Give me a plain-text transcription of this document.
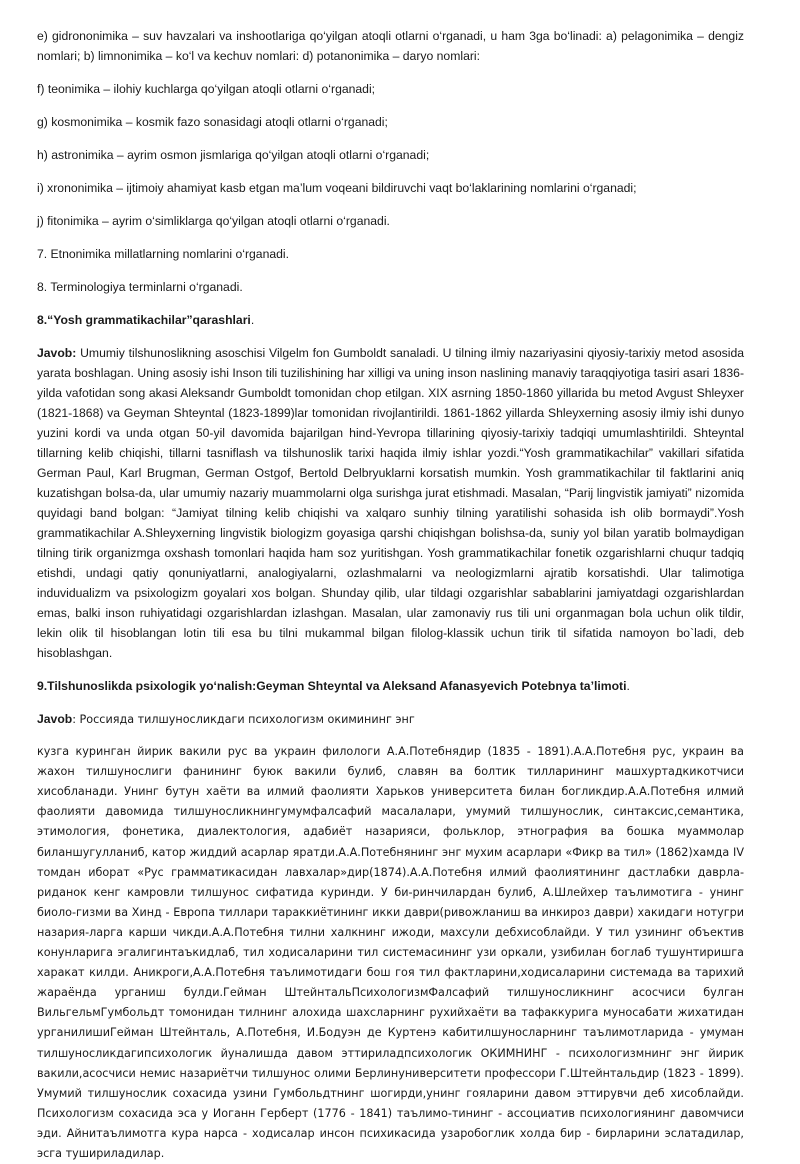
e) gidrononimika – suv havzalari va inshootlariga qo‘yilgan atoqli otlarni o‘rganadi, u ham 3ga bo‘linadi: a) pelagonimika – dengiz nomlari; b) limnonimika – ko‘l va kechuv nomlari: d) potanonimika – daryo nomlari:

f) teonimika – ilohiy kuchlarga qo‘yilgan atoqli otlarni o‘rganadi;

g) kosmonimika – kosmik fazo sonasidagi atoqli otlarni o‘rganadi;

h) astronimika – ayrim osmon jismlariga qo‘yilgan atoqli otlarni o‘rganadi;

i) xrononimika – ijtimoiy ahamiyat kasb etgan ma’lum voqeani bildiruvchi vaqt bo‘laklarining nomlarini o‘rganadi;

j) fitonimika – ayrim o‘simliklarga qo‘yilgan atoqli otlarni o‘rganadi.

7. Etnonimika millatlarning nomlarini o‘rganadi.

8. Terminologiya terminlarni o‘rganadi.

8.“Yosh grammatikachilar”qarashlari.

Javob: Umumiy tilshunoslikning asoschisi Vilgelm fon Gumboldt sanaladi. U tilning ilmiy nazariyasini qiyosiy-tarixiy metod asosida yarata boshlagan. Uning asosiy ishi Inson tili tuzilishining har xilligi va uning inson naslining manaviy taraqqiyotiga tasiri asari 1836-yilda vafotidan song akasi Aleksandr Gumboldt tomonidan chop etilgan. XIX asrning 1850-1860 yillarida bu metod Avgust Shleyxer (1821-1868) va Geyman Shteyntal (1823-1899)lar tomonidan rivojlantirildi. 1861-1862 yillarda Shleyxerning asosiy ilmiy ishi dunyo yuzini kordi va unda otgan 50-yil davomida bajarilgan hind-Yevropa tillarining qiyosiy-tarixiy tadqiqi umumlashtirildi. Shteyntal tillarning kelib chiqishi, tillarni tasniflash va tilshunoslik tarixi haqida ilmiy ishlar yozdi.“Yosh grammatikachilar” vakillari sifatida German Paul, Karl Brugman, German Ostgof, Bertold Delbryuklarni korsatish mumkin. Yosh grammatikachilar til faktlarini aniq kuzatishgan bolsa-da, ular umumiy nazariy muammolarni olga surishga jurat etishmadi. Masalan, “Parij lingvistik jamiyati” nizomida quyidagi band bolgan: “Jamiyat tilning kelib chiqishi va xalqaro sunhiy tilning yaratilishi sohasida ish olib bormaydi”.Yosh grammatikachilar A.Shleyxerning lingvistik biologizm goyasiga qarshi chiqishgan bolishsa-da, suniy yol bilan yaratib bolmaydigan tilning tirik organizmga oxshash tomonlari haqida ham soz yuritishgan. Yosh grammatikachilar fonetik ozgarishlarni chuqur tadqiq etishdi, undagi qatiy qonuniyatlarni, analogiyalarni, ozlashmalarni va neologizmlarni ajratib korsatishdi. Ular talimotiga induvidualizm va psixologizm goyalari xos bolgan. Shunday qilib, ular tildagi ozgarishlar sabablarini jamiyatdagi ozgarishlardan emas, balki inson ruhiyatidagi ozgarishlardan izlashgan. Masalan, ular zamonaviy rus tili uni organmagan bola uchun olik tildir, lekin olik til hisoblangan lotin tili esa bu tilni mukammal bilgan filolog-klassik uchun tirik til sifatida namoyon bo`ladi, deb hisoblashgan.

9.Tilshunoslikda psixologik yo‘nalish:Geyman Shteyntal va Aleksand Afanasyevich Potebnya ta’limoti.

Javob: Россияда тилшуносликдаги психологизм окимининг энг

кузга куринган йирик вакили рус ва украин филологи А.А.Потебнядир (1835 - 1891).А.А.Потебня рус, украин ва жахон тилшунослиги фанининг буюк вакили булиб, славян ва болтик тилларининг машхуртадкикотчиси хисобланади. Унинг бутун хаёти ва илмий фаолияти Харьков университета билан богликдир.А.А.Потебня илмий фаолияти давомида тилшуносликнингумумфалсафий масалалари, умумий тилшунослик, синтаксис,семантика, этимология, фонетика, диалектология, адабиёт назарияси, фольклор, этнография ва бошка муаммолар биланшугулланиб, катор жиддий асарлар яратди.А.А.Потебнянинг энг мухим асарлари «Фикр ва тил» (1862)хамда IV томдан иборат «Рус грамматикасидан лавхалар»дир(1874).А.А.Потебня илмий фаолиятининг дастлабки даврла-риданок кенг камровли тилшунос сифатида куринди. У би-ринчилардан булиб, А.Шлейхер таълимотига - унинг биоло-гизми ва Хинд - Европа тиллари тараккиётининг икки даври(ривожланиш ва инкироз даври) хакидаги нотугри назария-ларга карши чикди.А.А.Потебня тилни халкнинг ижоди, махсули дебхисоблайди. У тил узининг объектив конунларига эгалигинтаъкидлаб, тил ходисаларини тил системасининг узи оркали, узибилан боглаб тушунтиришга харакат килди. Аникроги,А.А.Потебня таълимотидаги бош гоя тил фактларини,ходисаларини системада ва тарихий жараёнда урганиш булди.Гейман ШтейнтальПсихологизмФалсафий тилшуносликнинг асосчиси булган ВильгельмГумбольдт томонидан тилнинг алохида шахсларнинг рухийхаёти ва тафаккурига муносабати жихатидан урганилишиГейман Штейнталь, А.Потебня, И.Бодуэн де Куртенэ кабитилшуносларнинг таълимотларида - умуман тилшуносликдагипсихологик йуналишда давом эттириладпсихологик ОКИМНИНГ - психологизмнинг энг йирик вакили,асосчиси немис назариётчи тилшунос олими Берлинуниверситети профессори Г.Штейнтальдир (1823 - 1899). Умумий тилшунослик сохасида узини Гумбольдтнинг шогирди,унинг гояларини давом эттирувчи деб хисоблайди. Психологизм сохасида эса у Иоганн Герберт (1776 - 1841) таълимо-тининг - ассоциатив психологиянинг давомчиси эди. Айнитаълимотга кура нарса - ходисалар инсон психикасида узаробоглик холда бир - бирларини эслатадилар, эсга тушириладилар.
